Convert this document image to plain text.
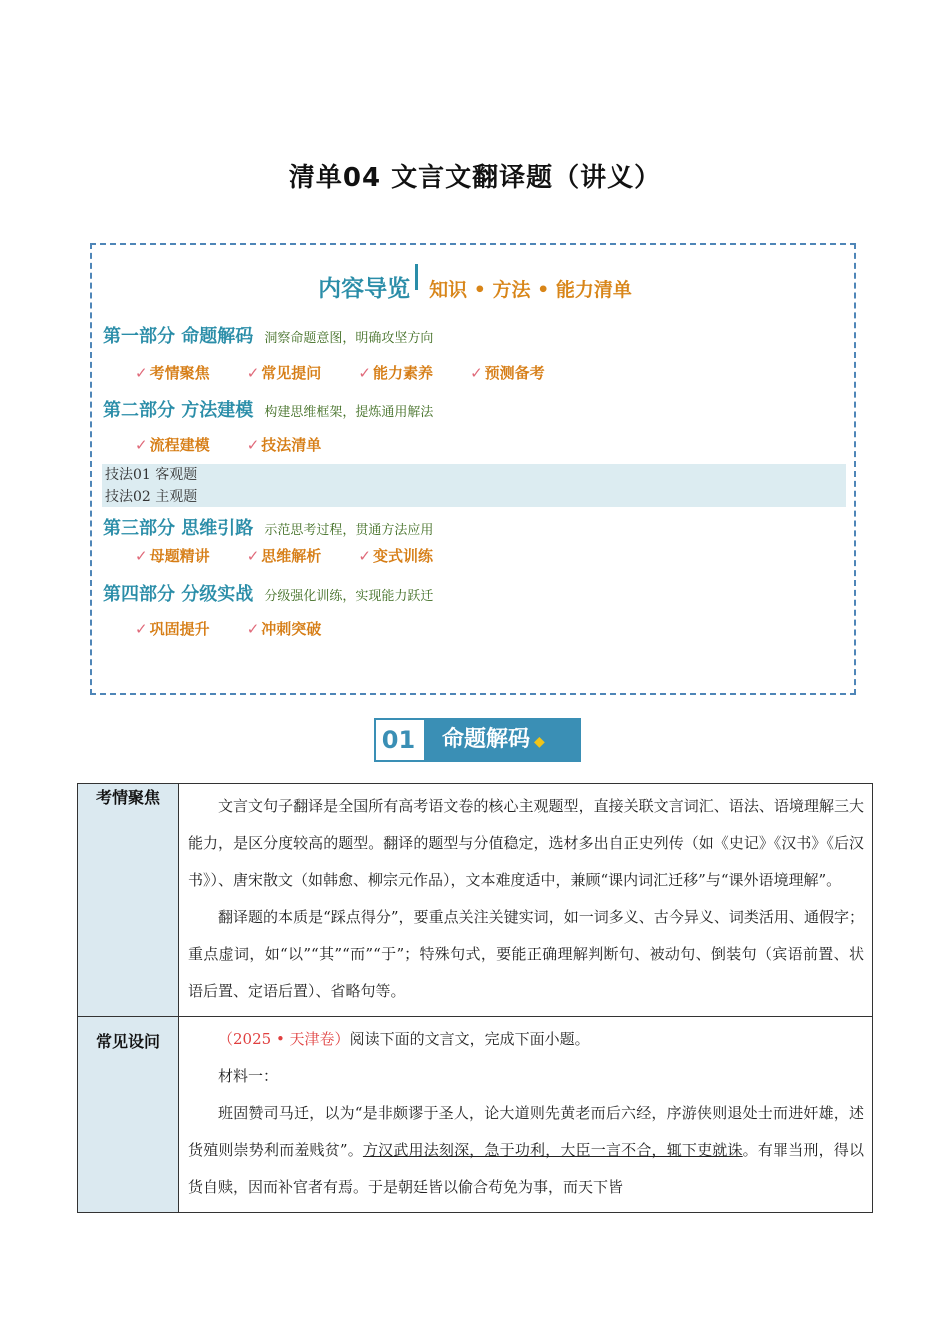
清单04 文言文翻译题（讲义）
内容导览 知识 • 方法 • 能力清单
第一部分 命题解码 洞察命题意图，明确攻坚方向
✓ 考情聚焦 ✓ 常见提问 ✓ 能力素养 ✓ 预测备考
第二部分 方法建模 构建思维框架，提炼通用解法
✓ 流程建模 ✓ 技法清单
技法01 客观题
技法02 主观题
第三部分 思维引路 示范思考过程，贯通方法应用
✓ 母题精讲 ✓ 思维解析 ✓ 变式训练
第四部分 分级实战 分级强化训练，实现能力跃迁
✓ 巩固提升 ✓ 冲刺突破
01	命题解码 ◆
考情聚焦	文言文句子翻译是全国所有高考语文卷的核心主观题型，直接关联文言词汇、语法、语境理解三大能力，是区分度较高的题型。翻译的题型与分值稳定，选材多出自正史列传（如《史记》《汉书》《后汉书》）、唐宋散文（如韩愈、柳宗元作品），文本难度适中，兼顾“课内词汇迁移”与“课外语境理解”。

翻译题的本质是“踩点得分”，要重点关注关键实词，如一词多义、古今异义、词类活用、通假字；重点虚词，如“以”“其”“而”“于”；特殊句式，要能正确理解判断句、被动句、倒装句（宾语前置、状语后置、定语后置）、省略句等。

常见设问	（2025 • 天津卷）阅读下面的文言文，完成下面小题。

材料一：

班固赞司马迁，以为“是非颇谬于圣人，论大道则先黄老而后六经，序游侠则退处士而进奸雄，述货殖则崇势利而羞贱贫”。方汉武用法刻深，急于功利，大臣一言不合，辄下吏就诛。有罪当刑，得以货自赎，因而补官者有焉。于是朝廷皆以偷合苟免为事，而天下皆
